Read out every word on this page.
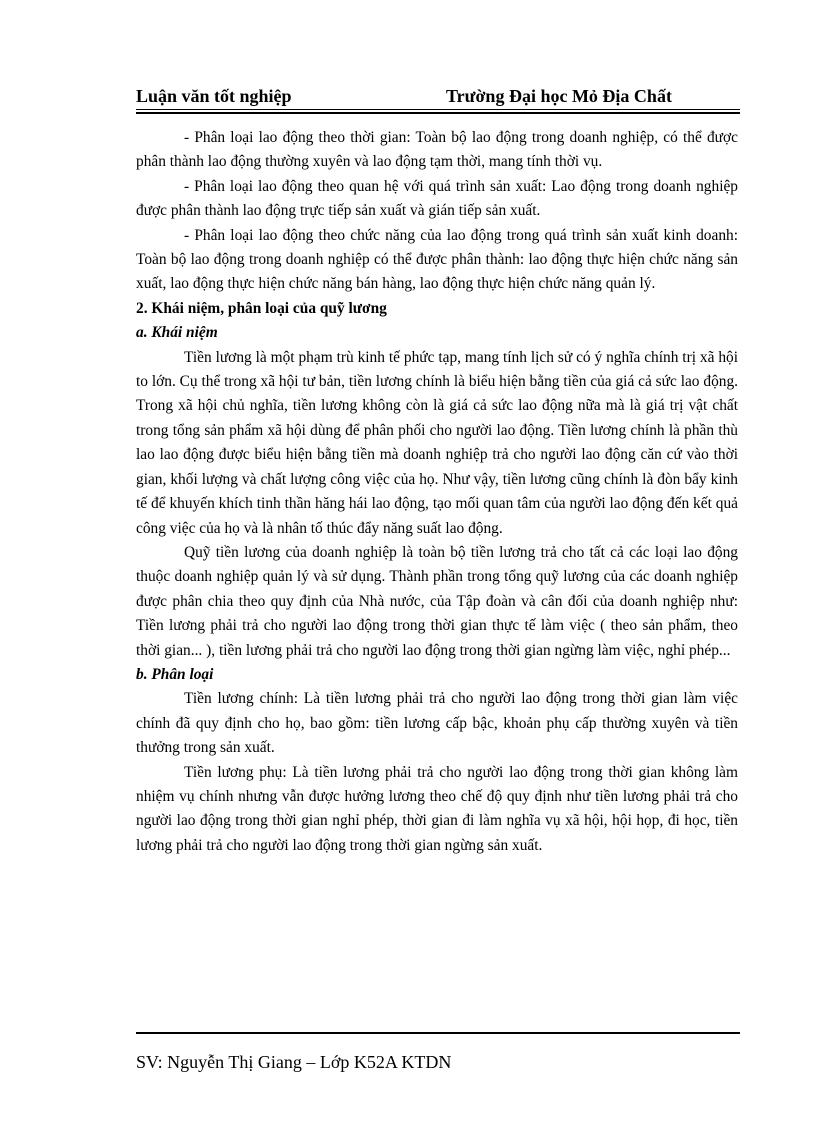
Luận văn tốt nghiệp	Trường Đại học Mỏ Địa Chất

- Phân loại lao động theo thời gian: Toàn bộ lao động trong doanh nghiệp, có thể được phân thành lao động thường xuyên và lao động tạm thời, mang tính thời vụ.

- Phân loại lao động theo quan hệ với quá trình sản xuất: Lao động trong doanh nghiệp được phân thành lao động trực tiếp sản xuất và gián tiếp sản xuất.

- Phân loại lao động theo chức năng của lao động trong quá trình sản xuất kinh doanh: Toàn bộ lao động trong doanh nghiệp có thể được phân thành: lao động thực hiện chức năng sản xuất, lao động thực hiện chức năng bán hàng, lao động thực hiện chức năng quản lý.

2. Khái niệm, phân loại của quỹ lương

a. Khái niệm

Tiền lương là một phạm trù kinh tế phức tạp, mang tính lịch sử có ý nghĩa chính trị xã hội to lớn. Cụ thể trong xã hội tư bản, tiền lương chính là biểu hiện bằng tiền của giá cả sức lao động. Trong xã hội chủ nghĩa, tiền lương không còn là giá cả sức lao động nữa mà là giá trị vật chất trong tổng sản phẩm xã hội dùng để phân phối cho người lao động. Tiền lương chính là phần thù lao lao động được biểu hiện bằng tiền mà doanh nghiệp trả cho người lao động căn cứ vào thời gian, khối lượng và chất lượng công việc của họ. Như vậy, tiền lương cũng chính là đòn bẩy kinh tế để khuyến khích tinh thần hăng hái lao động, tạo mối quan tâm của người lao động đến kết quả công việc của họ và là nhân tố thúc đẩy năng suất lao động.

Quỹ tiền lương của doanh nghiệp là toàn bộ tiền lương trả cho tất cả các loại lao động thuộc doanh nghiệp quản lý và sử dụng. Thành phần trong tổng quỹ lương của các doanh nghiệp được phân chia theo quy định của Nhà nước, của Tập đoàn và cân đối của doanh nghiệp như: Tiền lương phải trả cho người lao động trong thời gian thực tế làm việc ( theo sản phẩm, theo thời gian... ), tiền lương phải trả cho người lao động trong thời gian ngừng làm việc, nghỉ phép...

b. Phân loại

Tiền lương chính: Là tiền lương phải trả cho người lao động trong thời gian làm việc chính đã quy định cho họ, bao gồm: tiền lương cấp bậc, khoản phụ cấp thường xuyên và tiền thưởng trong sản xuất.

Tiền lương phụ: Là tiền lương phải trả cho người lao động trong thời gian không làm nhiệm vụ chính nhưng vẫn được hưởng lương theo chế độ quy định như tiền lương phải trả cho người lao động trong thời gian nghỉ phép, thời gian đi làm nghĩa vụ xã hội, hội họp, đi học, tiền lương phải trả cho người lao động trong thời gian ngừng sản xuất.

SV: Nguyễn Thị Giang – Lớp K52A KTDN
